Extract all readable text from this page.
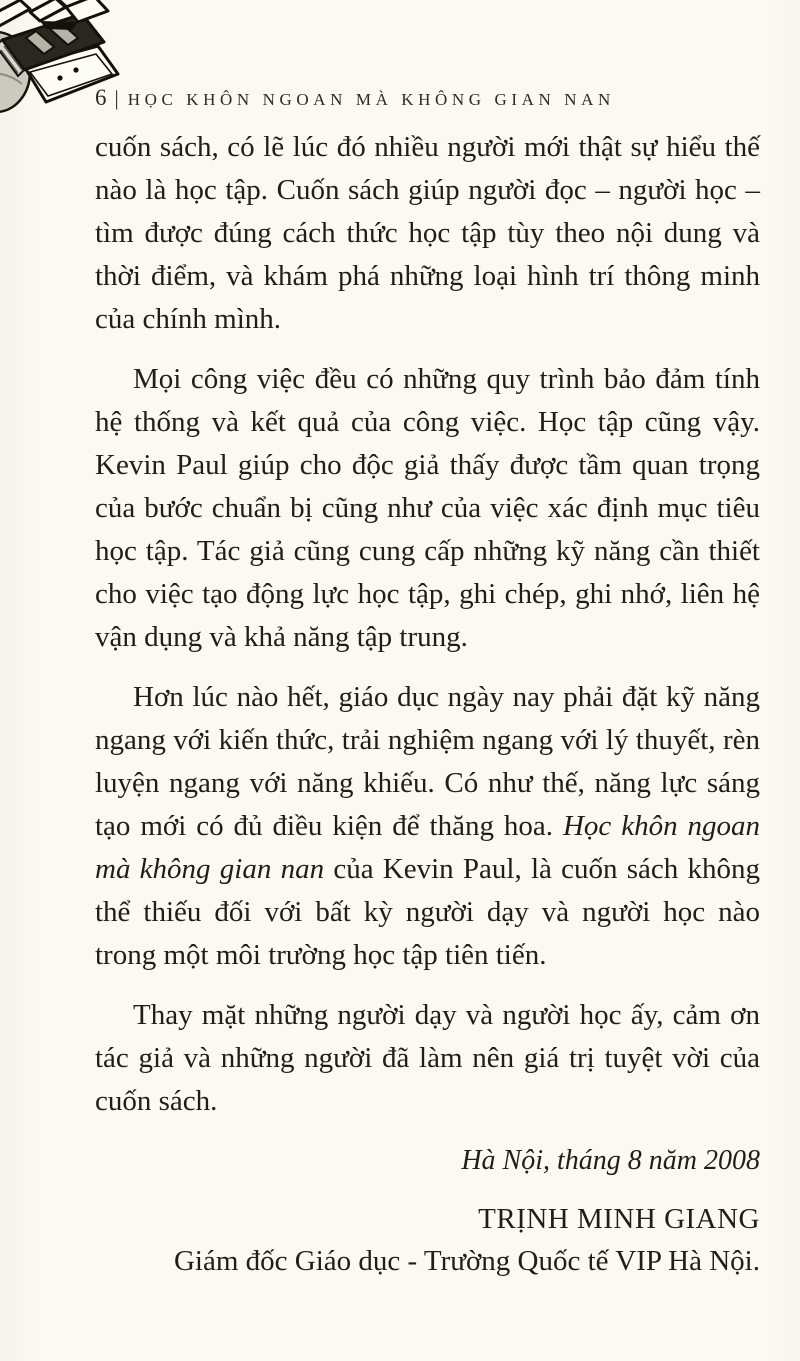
6 | HỌC KHÔN NGOAN MÀ KHÔNG GIAN NAN

cuốn sách, có lẽ lúc đó nhiều người mới thật sự hiểu thế nào là học tập. Cuốn sách giúp người đọc – người học – tìm được đúng cách thức học tập tùy theo nội dung và thời điểm, và khám phá những loại hình trí thông minh của chính mình.

Mọi công việc đều có những quy trình bảo đảm tính hệ thống và kết quả của công việc. Học tập cũng vậy. Kevin Paul giúp cho độc giả thấy được tầm quan trọng của bước chuẩn bị cũng như của việc xác định mục tiêu học tập. Tác giả cũng cung cấp những kỹ năng cần thiết cho việc tạo động lực học tập, ghi chép, ghi nhớ, liên hệ vận dụng và khả năng tập trung.

Hơn lúc nào hết, giáo dục ngày nay phải đặt kỹ năng ngang với kiến thức, trải nghiệm ngang với lý thuyết, rèn luyện ngang với năng khiếu. Có như thế, năng lực sáng tạo mới có đủ điều kiện để thăng hoa. Học khôn ngoan mà không gian nan của Kevin Paul, là cuốn sách không thể thiếu đối với bất kỳ người dạy và người học nào trong một môi trường học tập tiên tiến.

Thay mặt những người dạy và người học ấy, cảm ơn tác giả và những người đã làm nên giá trị tuyệt vời của cuốn sách.

Hà Nội, tháng 8 năm 2008

TRỊNH MINH GIANG

Giám đốc Giáo dục - Trường Quốc tế VIP Hà Nội.
